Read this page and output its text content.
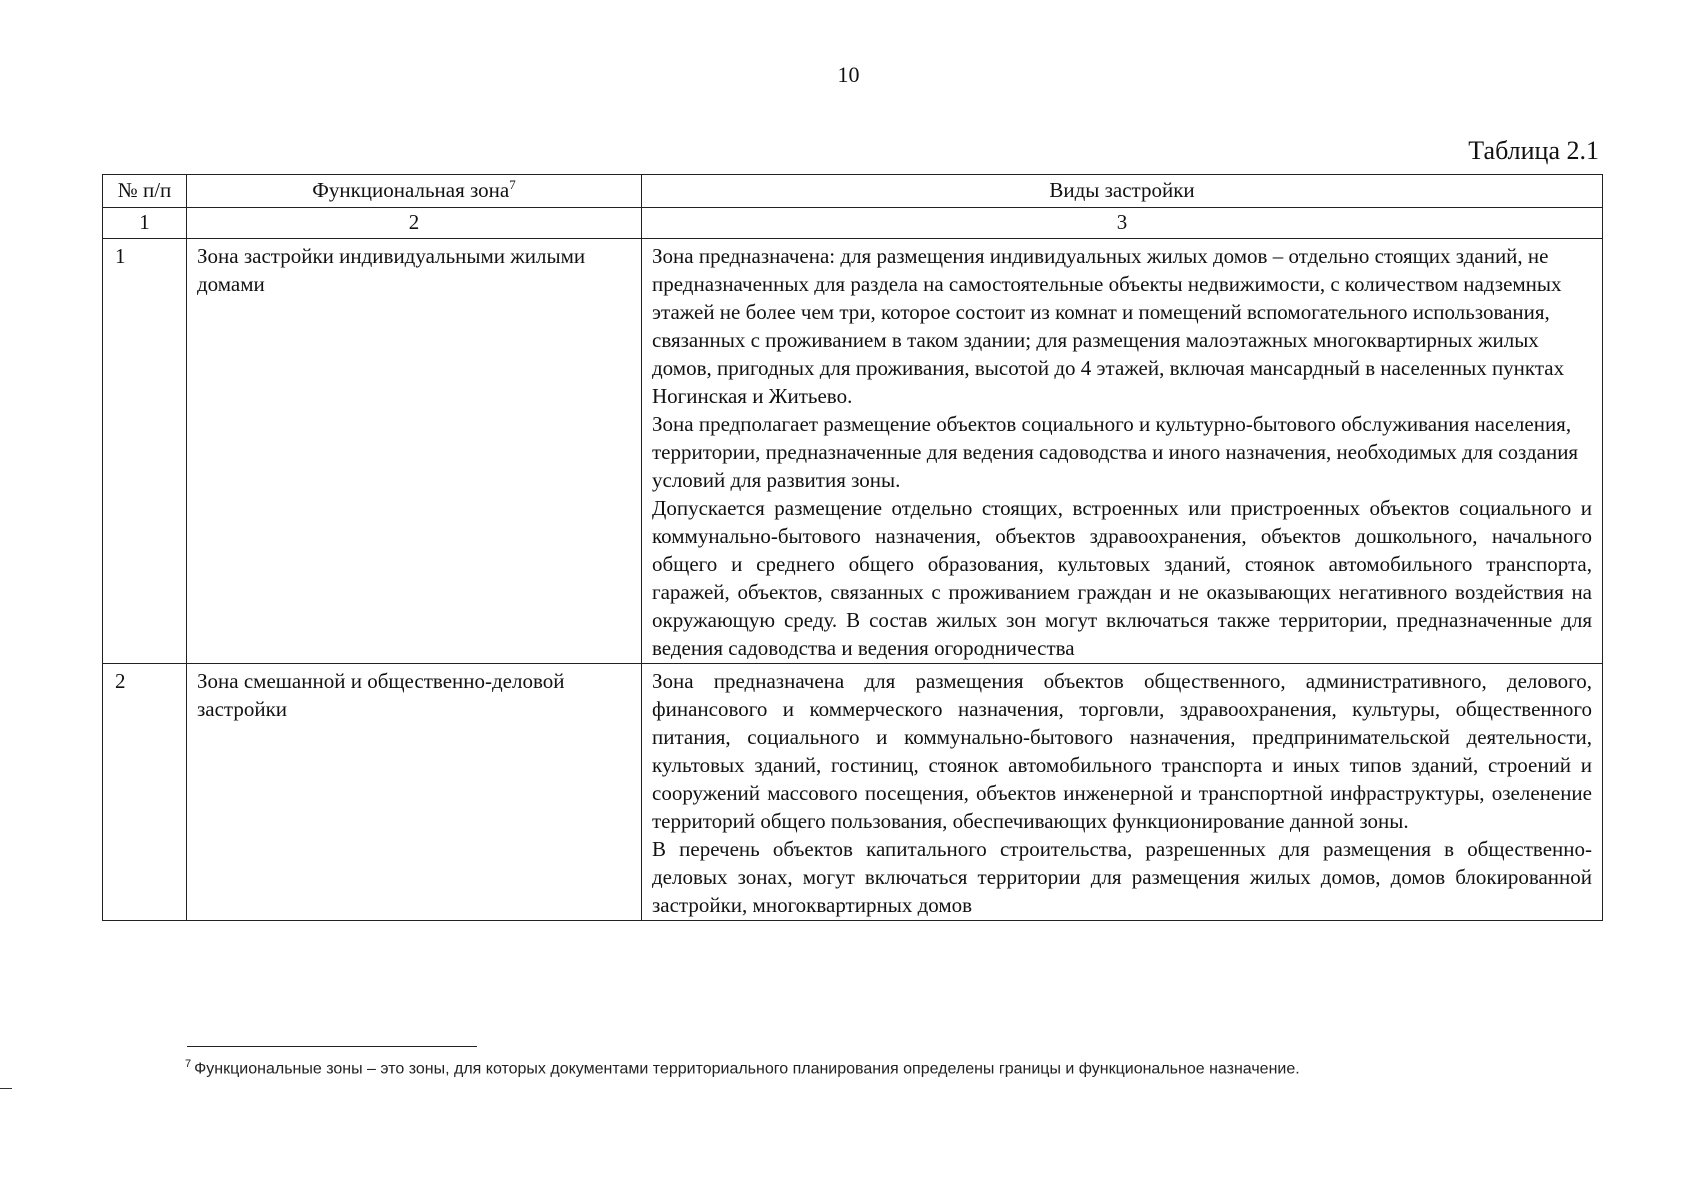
10
Таблица 2.1
№ п/п	Функциональная зона$^7$	Виды застройки
1	2	3
1	Зона застройки индивидуальными жилыми домами	Зона предназначена: для размещения индивидуальных жилых домов – отдельно стоящих зданий, не предназначенных для раздела на самостоятельные объекты недвижимости, с количеством надземных этажей не более чем три, которое состоит из комнат и помещений вспомогательного использования, связанных с проживанием в таком здании; для размещения малоэтажных многоквартирных жилых домов, пригодных для проживания, высотой до 4 этажей, включая мансардный в населенных пунктах Ногинская и Житьево.

Зона предполагает размещение объектов социального и культурно-бытового обслуживания населения, территории, предназначенные для ведения садоводства и иного назначения, необходимых для создания условий для развития зоны.

Допускается размещение отдельно стоящих, встроенных или пристроенных объектов социального и коммунально-бытового назначения, объектов здравоохранения, объектов дошкольного, начального общего и среднего общего образования, культовых зданий, стоянок автомобильного транспорта, гаражей, объектов, связанных с проживанием граждан и не оказывающих негативного воздействия на окружающую среду. В состав жилых зон могут включаться также территории, предназначенные для ведения садоводства и ведения огородничества

2	Зона смешанной и общественно-деловой застройки	Зона предназначена для размещения объектов общественного, административного, делового, финансового и коммерческого назначения, торговли, здравоохранения, культуры, общественного питания, социального и коммунально-бытового назначения, предпринимательской деятельности, культовых зданий, гостиниц, стоянок автомобильного транспорта и иных типов зданий, строений и сооружений массового посещения, объектов инженерной и транспортной инфраструктуры, озеленение территорий общего пользования, обеспечивающих функционирование данной зоны.

В перечень объектов капитального строительства, разрешенных для размещения в общественно-деловых зонах, могут включаться территории для размещения жилых домов, домов блокированной застройки, многоквартирных домов

$^7$ Функциональные зоны – это зоны, для которых документами территориального планирования определены границы и функциональное назначение.
